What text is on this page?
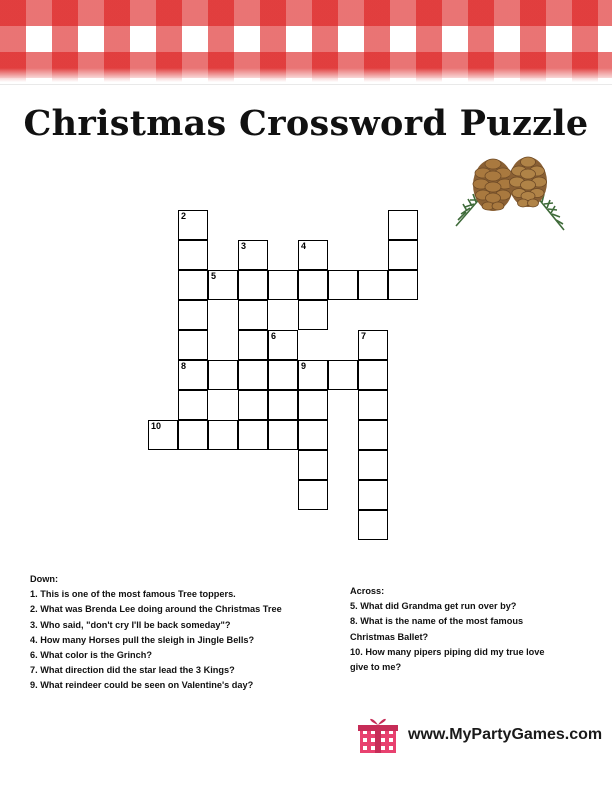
Christmas Crossword Puzzle
2
3	4
5
6	7
8	9
10
Down:
1. This is one of the most famous Tree toppers.
2. What was Brenda Lee doing around the Christmas Tree
3. Who said, "don't cry I'll be back someday"?
4. How many Horses pull the sleigh in Jingle Bells?
6. What color is the Grinch?
7. What direction did the star lead the 3 Kings?
9. What reindeer could be seen on Valentine's day?
Across:
5. What did Grandma get run over by?
8. What is the name of the most famous
Christmas Ballet?
10. How many pipers piping did my true love
give to me?
www.MyPartyGames.com
